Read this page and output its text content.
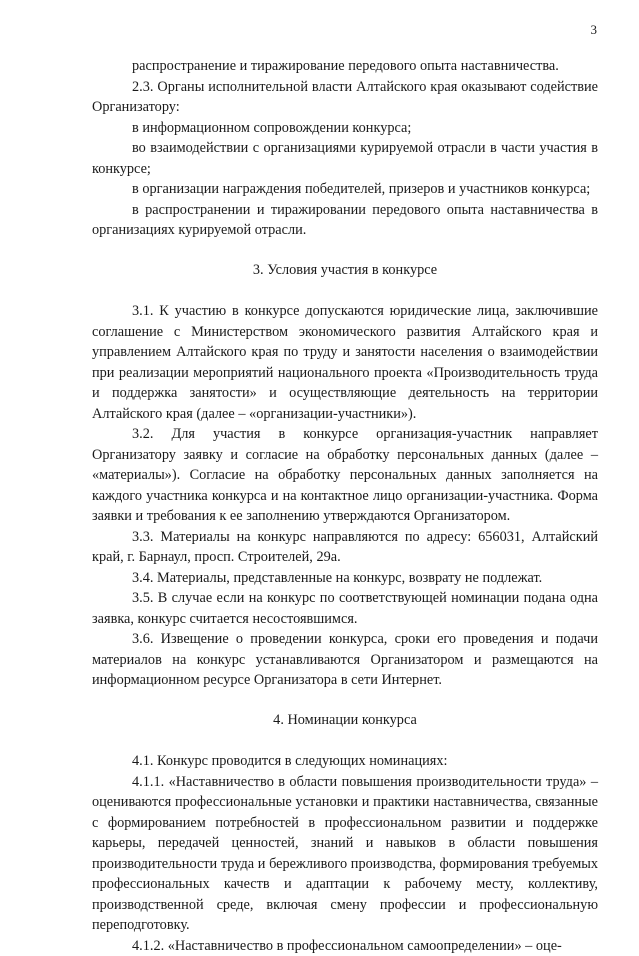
3

распространение и тиражирование передового опыта наставничества.

2.3. Органы исполнительной власти Алтайского края оказывают содействие Организатору:

в информационном сопровождении конкурса;

во взаимодействии с организациями курируемой отрасли в части участия в конкурсе;

в организации награждения победителей, призеров и участников конкурса;

в распространении и тиражировании передового опыта наставничества в организациях курируемой отрасли.

3. Условия участия в конкурсе

3.1. К участию в конкурсе допускаются юридические лица, заключившие соглашение с Министерством экономического развития Алтайского края и управлением Алтайского края по труду и занятости населения о взаимодействии при реализации мероприятий национального проекта «Производительность труда и поддержка занятости» и осуществляющие деятельность на территории Алтайского края (далее – «организации-участники»).

3.2. Для участия в конкурсе организация-участник направляет Организатору заявку и согласие на обработку персональных данных (далее – «материалы»). Согласие на обработку персональных данных заполняется на каждого участника конкурса и на контактное лицо организации-участника. Форма заявки и требования к ее заполнению утверждаются Организатором.

3.3. Материалы на конкурс направляются по адресу: 656031, Алтайский край, г. Барнаул, просп. Строителей, 29а.

3.4. Материалы, представленные на конкурс, возврату не подлежат.

3.5. В случае если на конкурс по соответствующей номинации подана одна заявка, конкурс считается несостоявшимся.

3.6. Извещение о проведении конкурса, сроки его проведения и подачи материалов на конкурс устанавливаются Организатором и размещаются на информационном ресурсе Организатора в сети Интернет.

4. Номинации конкурса

4.1. Конкурс проводится в следующих номинациях:

4.1.1. «Наставничество в области повышения производительности труда» – оцениваются профессиональные установки и практики наставничества, связанные с формированием потребностей в профессиональном развитии и поддержке карьеры, передачей ценностей, знаний и навыков в области повышения производительности труда и бережливого производства, формирования требуемых профессиональных качеств и адаптации к рабочему месту, коллективу, производственной среде, включая смену профессии и профессиональную переподготовку.

4.1.2. «Наставничество в профессиональном самоопределении» – оце-
